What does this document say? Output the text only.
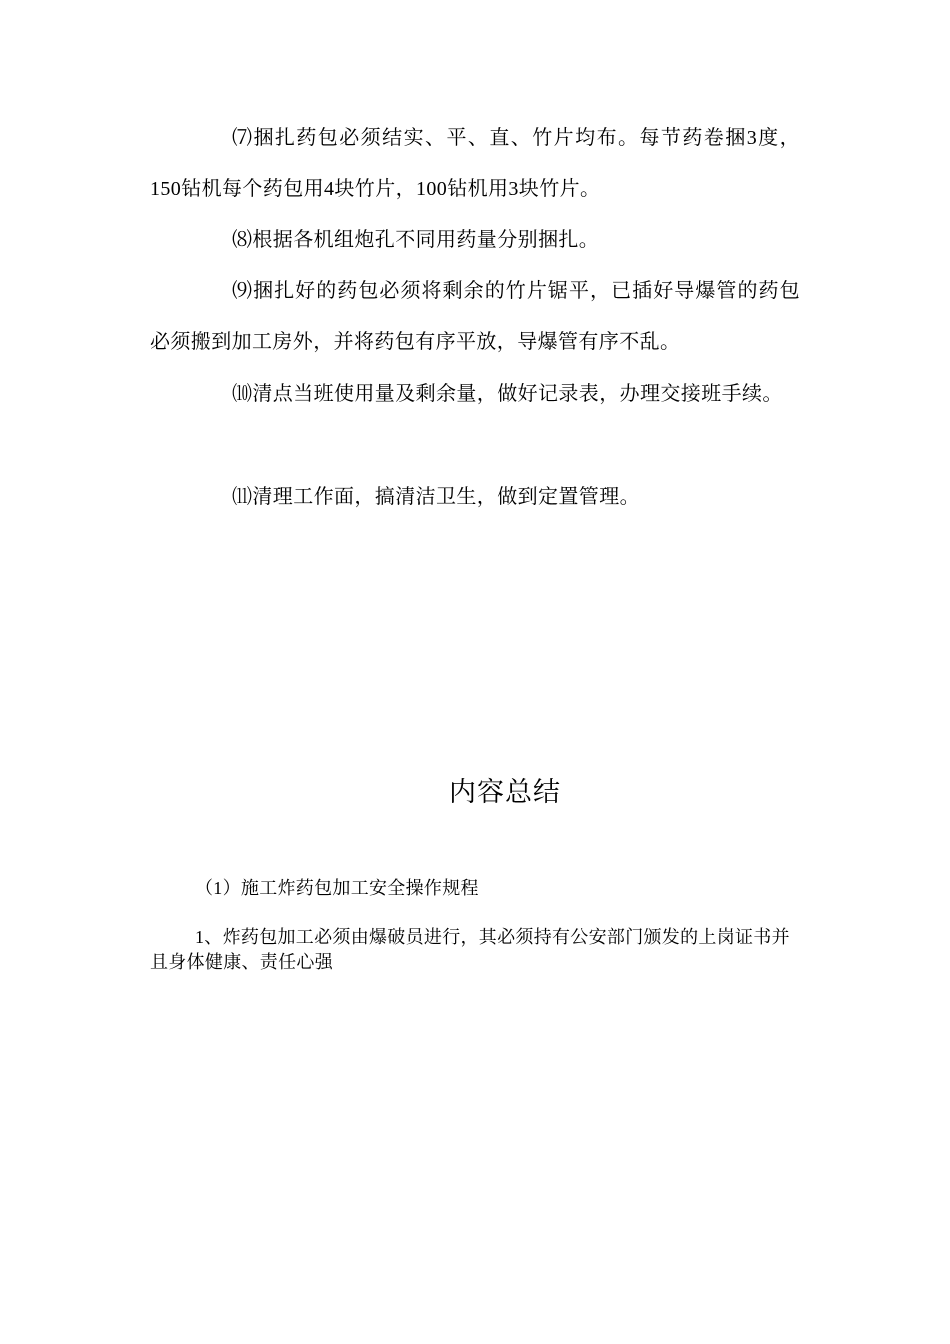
⑺捆扎药包必须结实、平、直、竹片均布。每节药卷捆3度，150钻机每个药包用4块竹片，100钻机用3块竹片。

⑻根据各机组炮孔不同用药量分别捆扎。

⑼捆扎好的药包必须将剩余的竹片锯平，已插好导爆管的药包必须搬到加工房外，并将药包有序平放，导爆管有序不乱。

⑽清点当班使用量及剩余量，做好记录表，办理交接班手续。

⑾清理工作面，搞清洁卫生，做到定置管理。

内容总结

（1）施工炸药包加工安全操作规程

1、炸药包加工必须由爆破员进行，其必须持有公安部门颁发的上岗证书并且身体健康、责任心强
